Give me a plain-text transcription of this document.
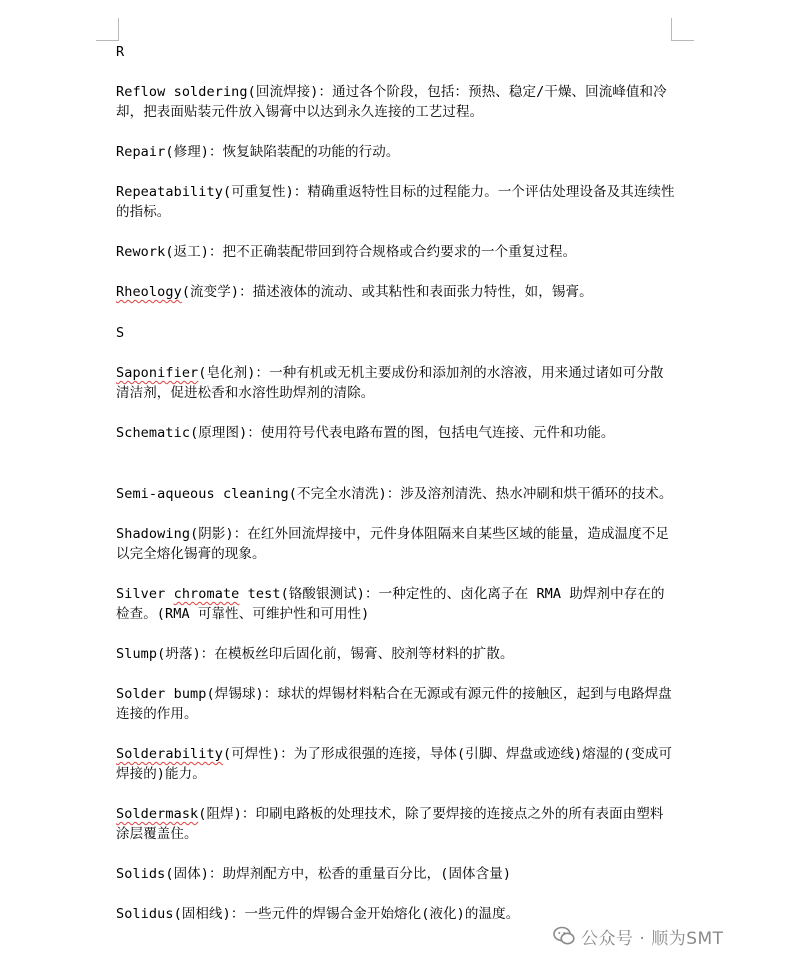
R

Reflow soldering(回流焊接)：通过各个阶段，包括：预热、稳定/干燥、回流峰值和冷却，把表面贴装元件放入锡膏中以达到永久连接的工艺过程。

Repair(修理)：恢复缺陷装配的功能的行动。

Repeatability(可重复性)：精确重返特性目标的过程能力。一个评估处理设备及其连续性的指标。

Rework(返工)：把不正确装配带回到符合规格或合约要求的一个重复过程。

Rheology(流变学)：描述液体的流动、或其粘性和表面张力特性，如，锡膏。

S

Saponifier(皂化剂)：一种有机或无机主要成份和添加剂的水溶液，用来通过诸如可分散清洁剂，促进松香和水溶性助焊剂的清除。

Schematic(原理图)：使用符号代表电路布置的图，包括电气连接、元件和功能。

Semi-aqueous cleaning(不完全水清洗)：涉及溶剂清洗、热水冲刷和烘干循环的技术。

Shadowing(阴影)：在红外回流焊接中，元件身体阻隔来自某些区域的能量，造成温度不足以完全熔化锡膏的现象。

Silver chromate test(铬酸银测试)：一种定性的、卤化离子在 RMA 助焊剂中存在的检查。(RMA 可靠性、可维护性和可用性)

Slump(坍落)：在模板丝印后固化前，锡膏、胶剂等材料的扩散。

Solder bump(焊锡球)：球状的焊锡材料粘合在无源或有源元件的接触区，起到与电路焊盘连接的作用。

Solderability(可焊性)：为了形成很强的连接，导体(引脚、焊盘或迹线)熔湿的(变成可焊接的)能力。

Soldermask(阻焊)：印刷电路板的处理技术，除了要焊接的连接点之外的所有表面由塑料涂层覆盖住。

Solids(固体)：助焊剂配方中，松香的重量百分比，(固体含量)

Solidus(固相线)：一些元件的焊锡合金开始熔化(液化)的温度。

公众号 · 顺为SMT
